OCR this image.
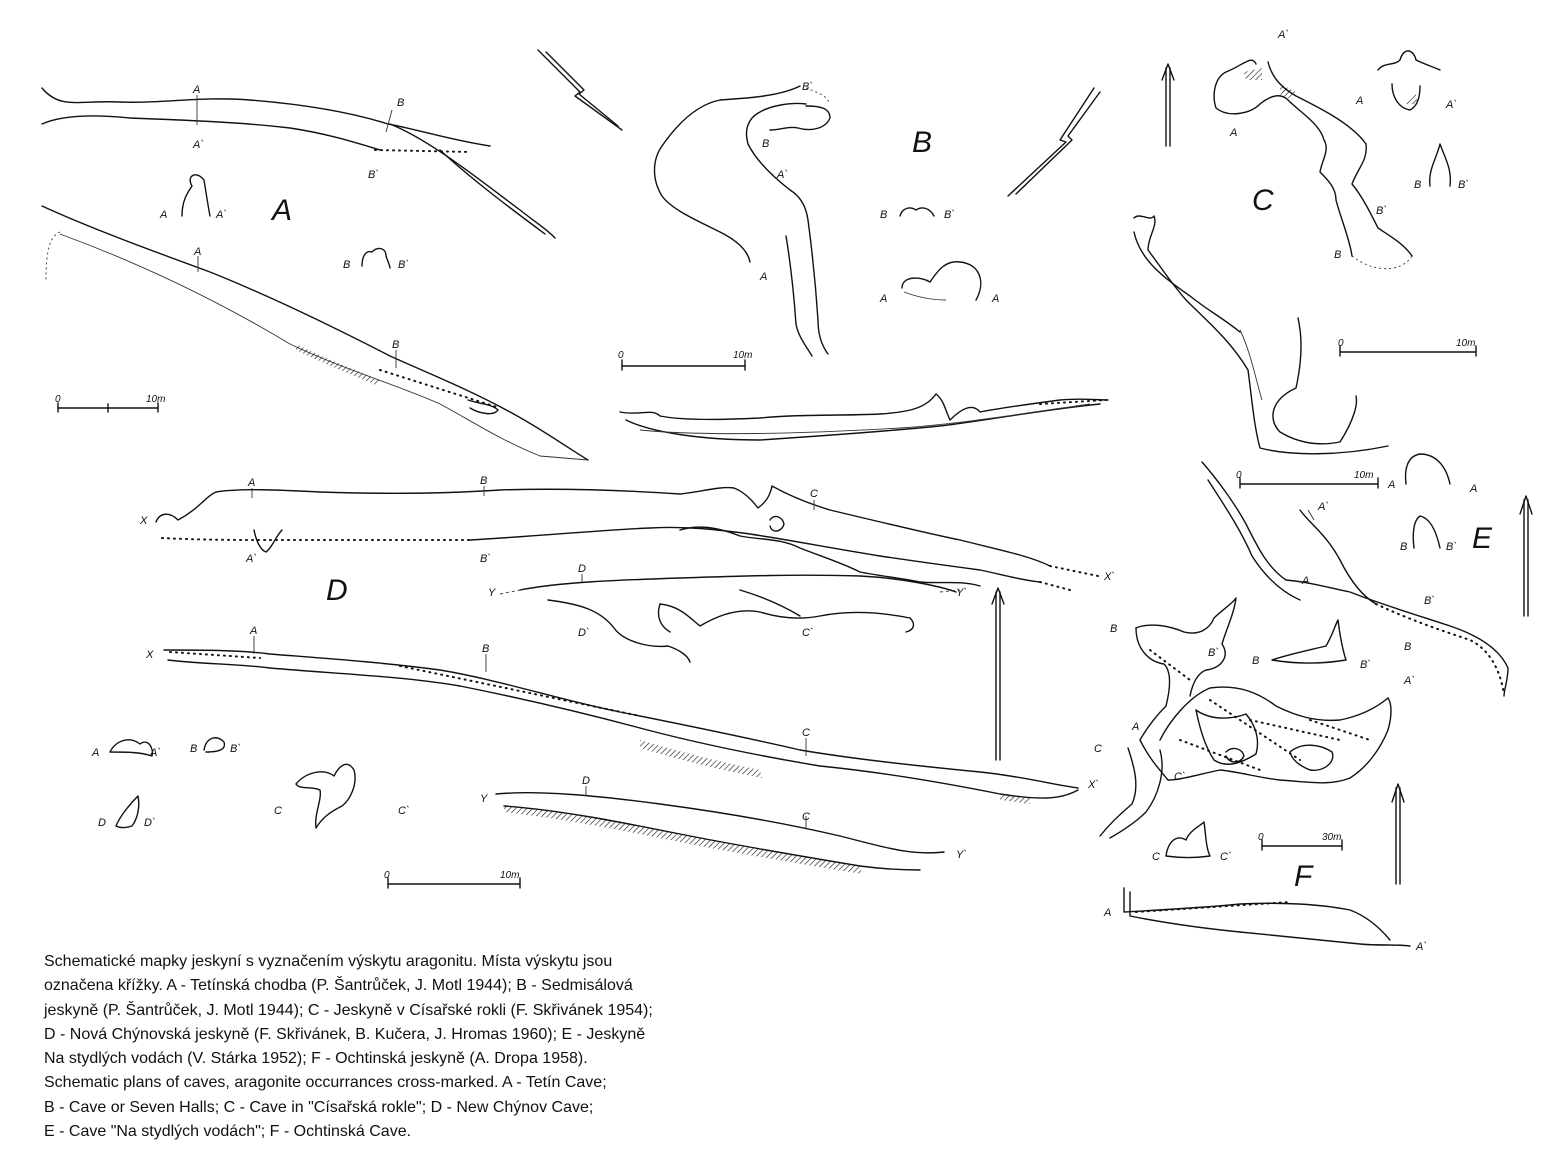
A
A`
B
B`
A	A`
B	B`
A
A
B
0	10m
B`
B
A`
A
B
B	B`
A	A
0	10m
A`
A
B`
B
A	A`
B	B`
C
0	10m
X
X`
A
A`
B
B`
C
Y	Y`
D
D`	C`
D
X
A
B
C
A	A`	B	B`
C	C`
D	D`
Y
Y`
D
C
0	10m
A`
A
B`
B
0	10m
A	A
B	B` E
B
B`
A
A`
C
C`
X`
B	B`
C	C`
0	30m
F
A
A`
Schematické mapky jeskyní s vyznačením výskytu aragonitu. Místa výskytu jsou
označena křížky. A - Tetínská chodba (P. Šantrůček, J. Motl 1944); B - Sedmisálová
jeskyně (P. Šantrůček, J. Motl 1944); C - Jeskyně v Císařské rokli (F. Skřivánek 1954);
D - Nová Chýnovská jeskyně (F. Skřivánek, B. Kučera, J. Hromas 1960); E - Jeskyně
Na stydlých vodách (V. Stárka 1952); F - Ochtinská jeskyně (A. Dropa 1958).
Schematic plans of caves, aragonite occurrances cross-marked. A - Tetín Cave;
B - Cave or Seven Halls; C - Cave in "Císařská rokle"; D - New Chýnov Cave;
E - Cave "Na stydlých vodách"; F - Ochtinská Cave.
